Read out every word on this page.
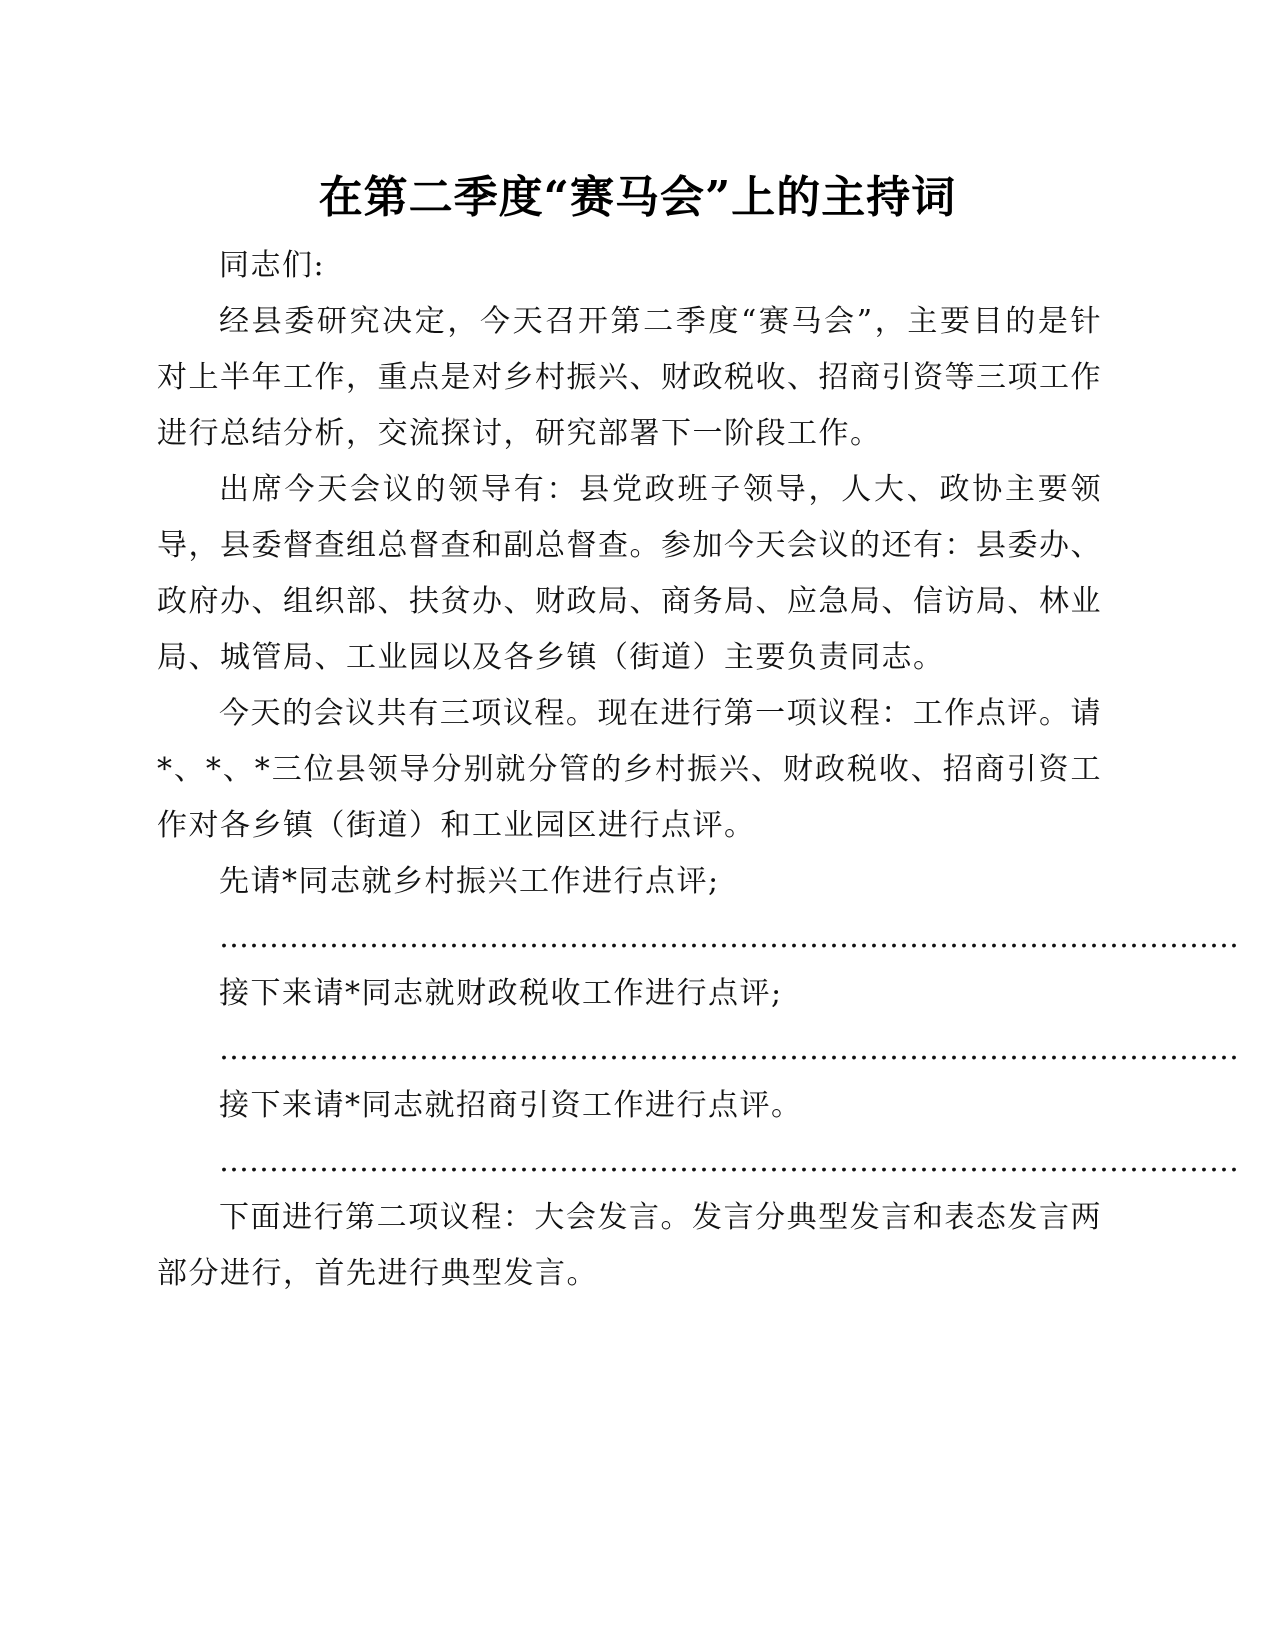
在第二季度“赛马会”上的主持词

同志们:

经县委研究决定，今天召开第二季度“赛马会”，主要目的是针对上半年工作，重点是对乡村振兴、财政税收、招商引资等三项工作进行总结分析，交流探讨，研究部署下一阶段工作。

出席今天会议的领导有：县党政班子领导，人大、政协主要领导，县委督查组总督查和副总督查。参加今天会议的还有：县委办、政府办、组织部、扶贫办、财政局、商务局、应急局、信访局、林业局、城管局、工业园以及各乡镇（街道）主要负责同志。

今天的会议共有三项议程。现在进行第一项议程：工作点评。请*、*、*三位县领导分别就分管的乡村振兴、财政税收、招商引资工作对各乡镇（街道）和工业园区进行点评。

先请*同志就乡村振兴工作进行点评;

…………………………………………………………………………………………

接下来请*同志就财政税收工作进行点评;

…………………………………………………………………………………………

接下来请*同志就招商引资工作进行点评。

…………………………………………………………………………………………

下面进行第二项议程：大会发言。发言分典型发言和表态发言两部分进行，首先进行典型发言。
